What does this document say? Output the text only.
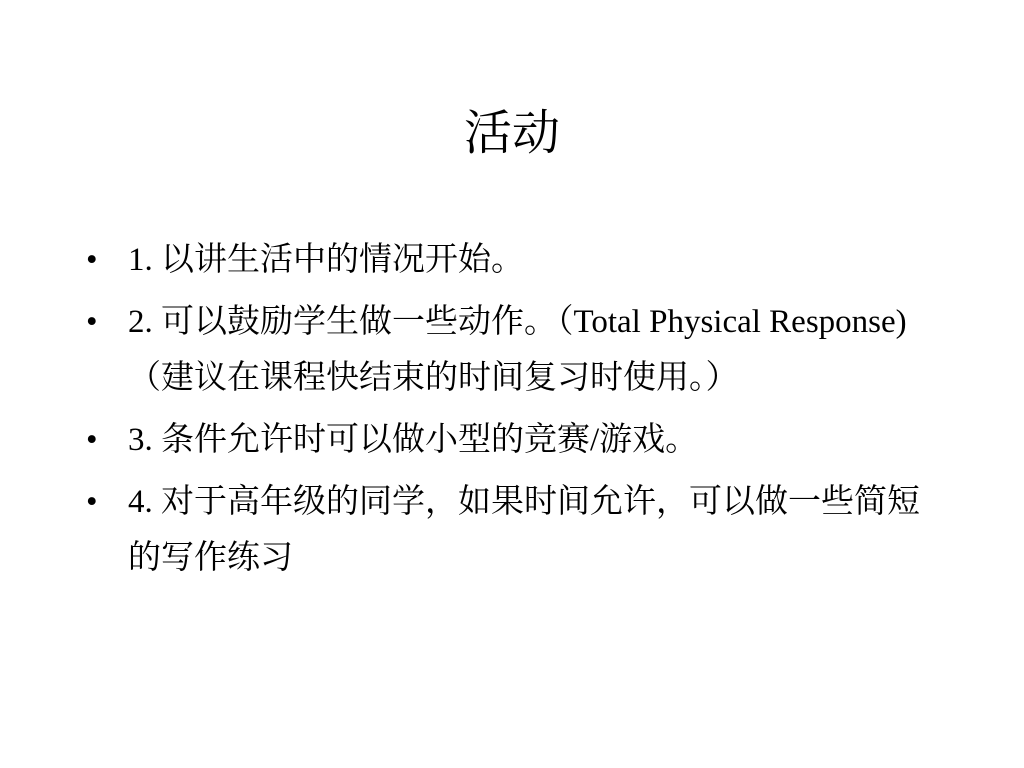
活动
• 1. 以讲生活中的情况开始。
• 2. 可以鼓励学生做一些动作。（Total Physical Response)（建议在课程快结束的时间复习时使用。）
• 3. 条件允许时可以做小型的竞赛/游戏。
• 4. 对于高年级的同学，如果时间允许，可以做一些简短的写作练习
